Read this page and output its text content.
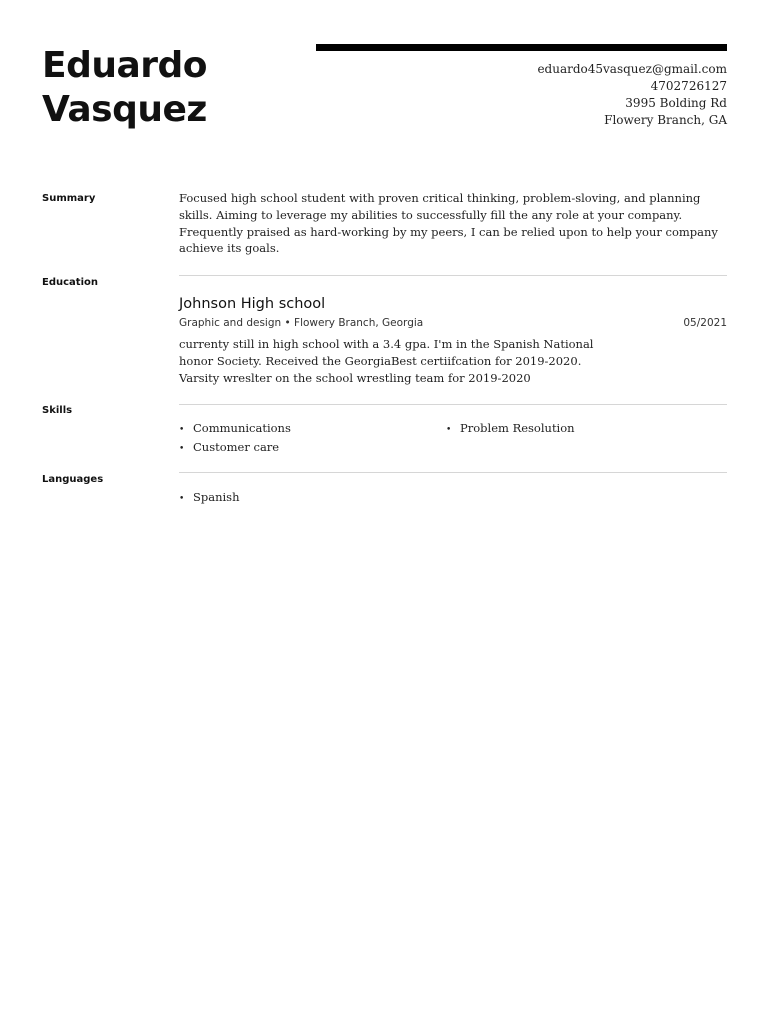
Eduardo
Vasquez
eduardo45vasquez@gmail.com
4702726127
3995 Bolding Rd
Flowery Branch, GA
Summary	Focused high school student with proven critical thinking, problem-sloving, and planning skills. Aiming to leverage my abilities to successfully fill the any role at your company. Frequently praised as hard-working by my peers, I can be relied upon to help your company achieve its goals.
Education
Johnson High school
Graphic and design • Flowery Branch, Georgia	05/2021
currenty still in high school with a 3.4 gpa. I'm in the Spanish National honor Society. Received the GeorgiaBest certiifcation for 2019-2020. Varsity wreslter on the school wrestling team for 2019-2020
Skills
• Communications
• Customer care
• Problem Resolution
Languages
• Spanish
